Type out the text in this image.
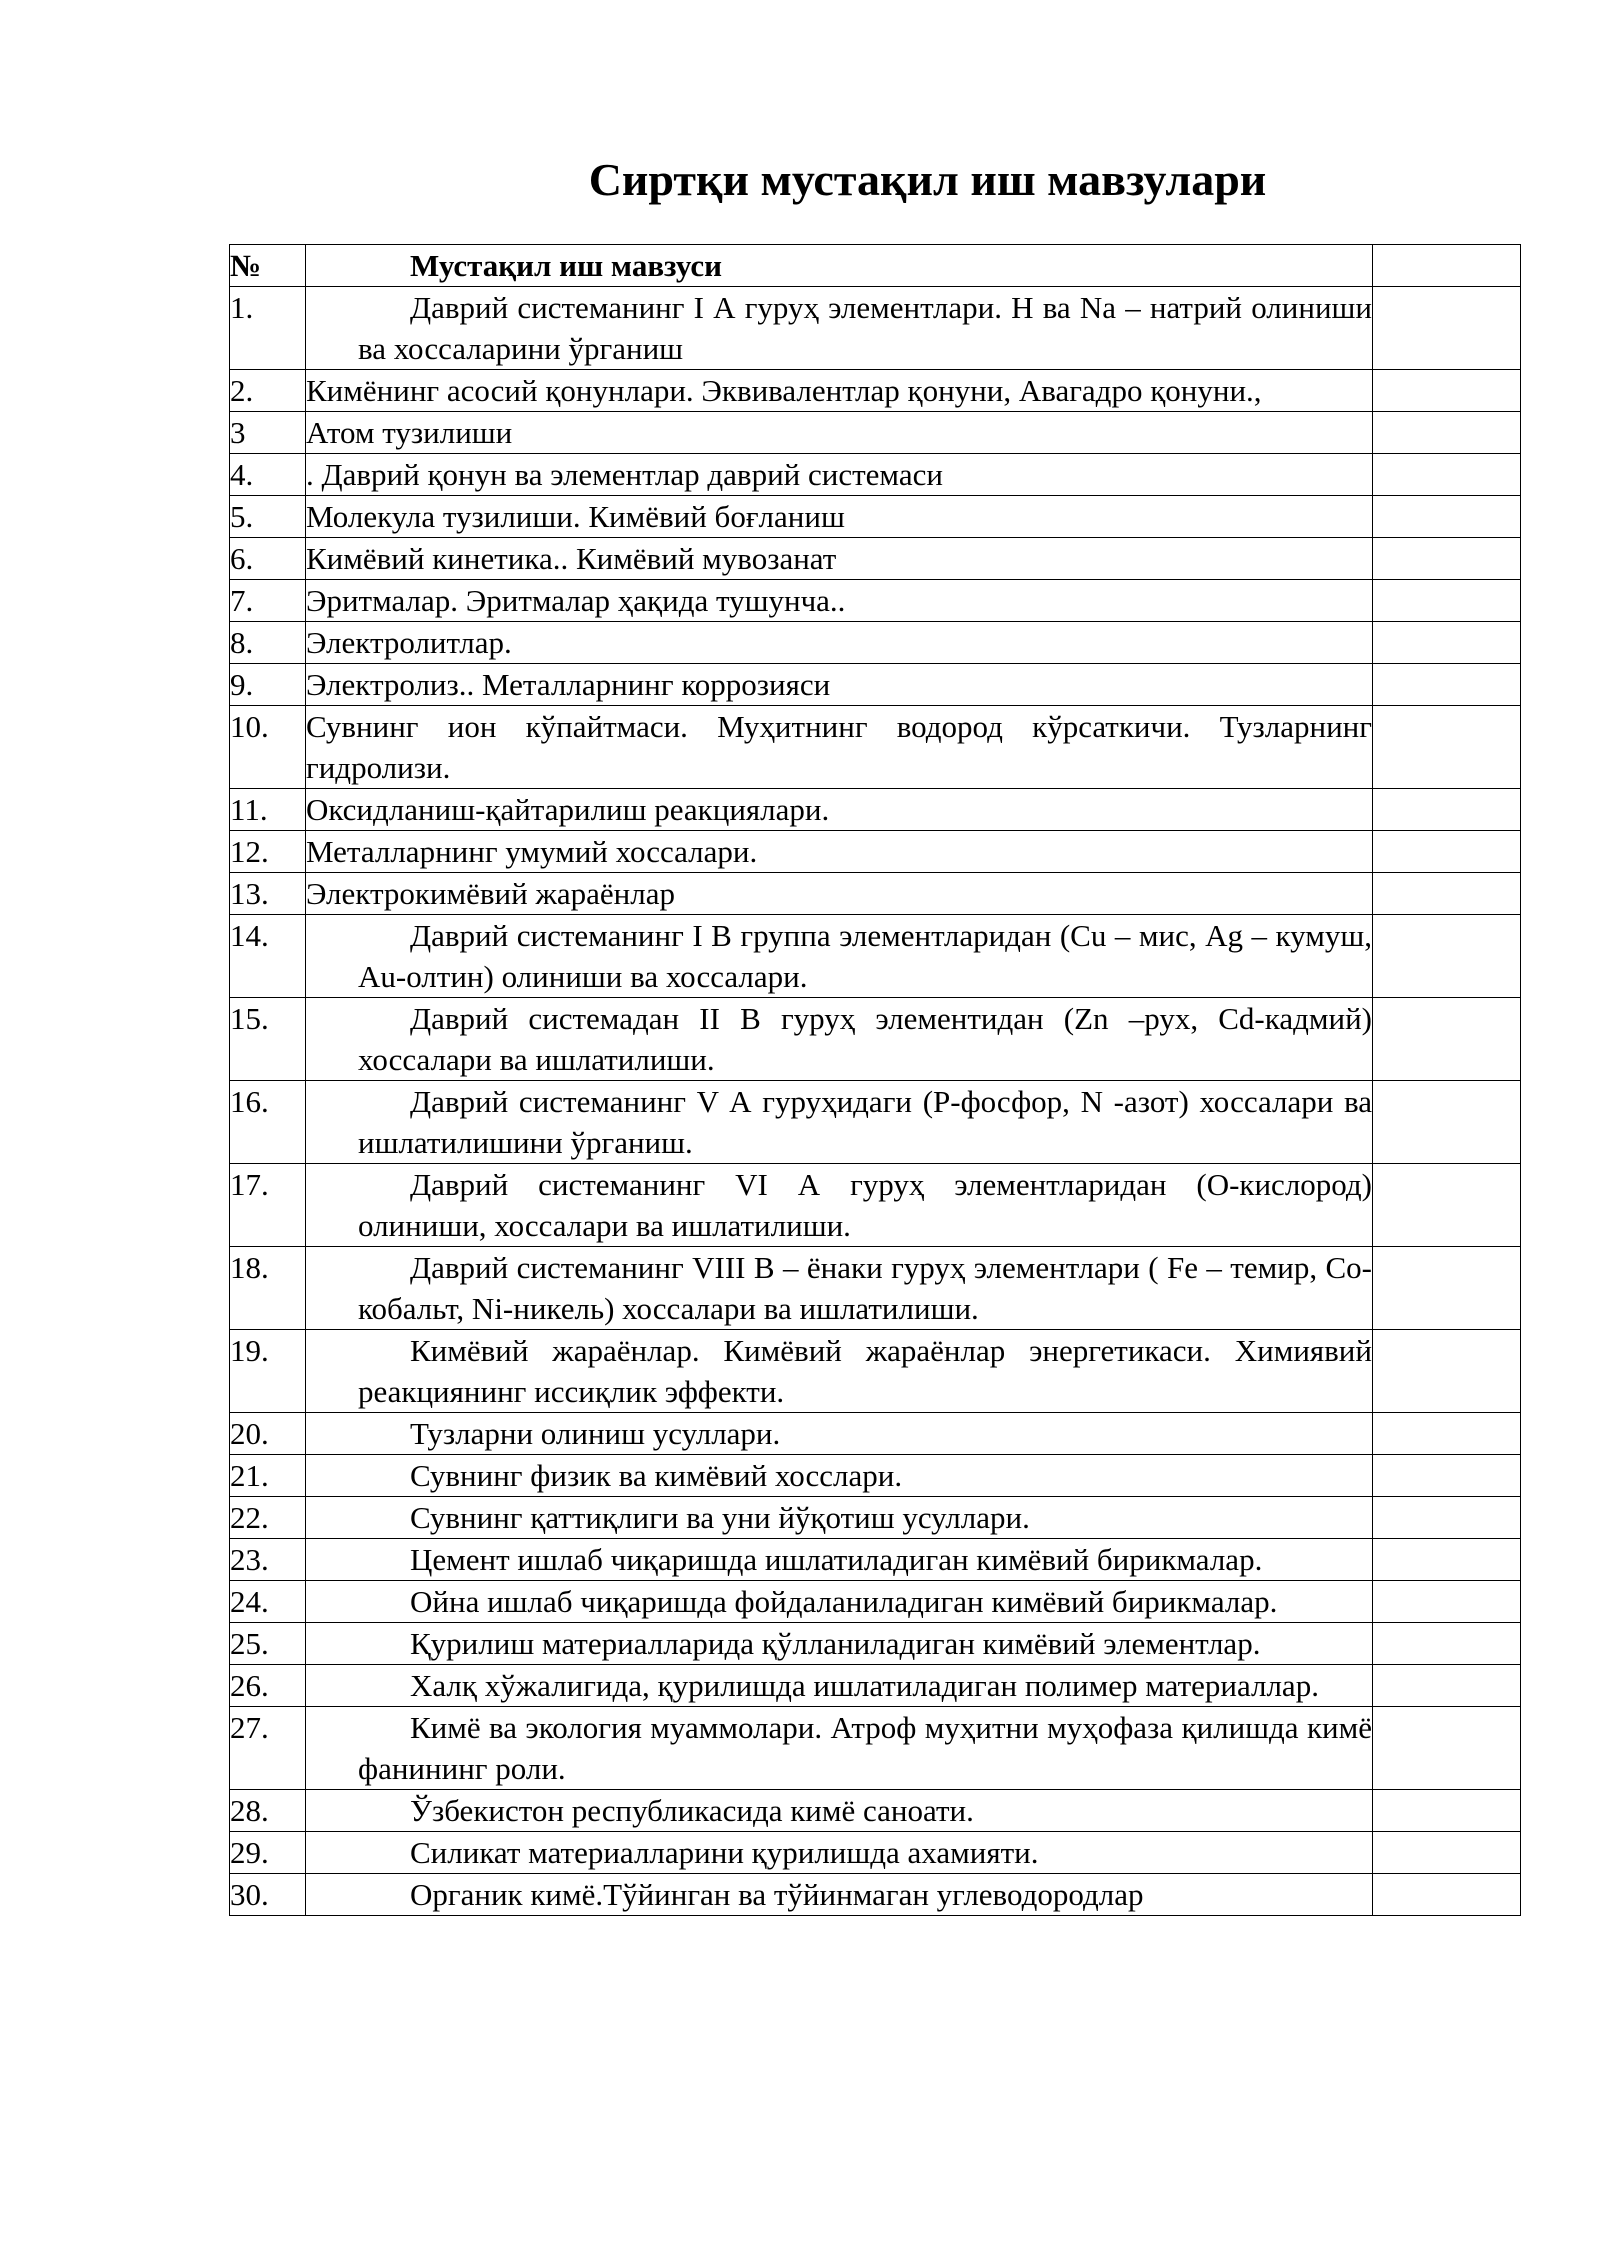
Сиртқи мустақил иш мавзулари
№	Мустақил иш мавзуси	
1.	Даврий системанинг I А гуруҳ элементлари. H ва Na – натрий олиниши ва хоссаларини ўрганиш	
2.	Кимёнинг асосий қонунлари. Эквивалентлар қонуни, Авагадро қонуни.,	
3	Атом тузилиши	
4.	. Даврий қонун ва элементлар даврий системаси	
5.	Молекула тузилиши. Кимёвий боғланиш	
6.	Кимёвий кинетика.. Кимёвий мувозанат	
7.	Эритмалар. Эритмалар ҳақида тушунча..	
8.	Электролитлар.	
9.	Электролиз.. Металларнинг коррозияси	
10.	Сувнинг ион кўпайтмаси. Муҳитнинг водород кўрсаткичи. Тузларнинг гидролизи.	
11.	Оксидланиш-қайтарилиш реакциялари.	
12.	Металларнинг умумий хоссалари.	
13.	Электрокимёвий жараёнлар	
14.	Даврий системанинг I В группа элементларидан (Cu – мис, Ag – кумуш, Au-олтин) олиниши ва хоссалари.	
15.	Даврий системадан II В гуруҳ элементидан (Zn –рух, Cd-кадмий) хоссалари ва ишлатилиши.	
16.	Даврий системанинг V А гуруҳидаги (Р-фосфор, N -азот) хоссалари ва ишлатилишини ўрганиш.	
17.	Даврий системанинг VI А гуруҳ элементларидан (О-кислород) олиниши, хоссалари ва ишлатилиши.	
18.	Даврий системанинг VIII В – ёнаки гуруҳ элементлари ( Fe – темир, Co-кобальт, Ni-никель) хоссалари ва ишлатилиши.	
19.	Кимёвий жараёнлар. Кимёвий жараёнлар энергетикаси. Химиявий реакциянинг иссиқлик эффекти.	
20.	Тузларни олиниш усуллари.	
21.	Сувнинг физик ва кимёвий хосслари.	
22.	Сувнинг қаттиқлиги ва уни йўқотиш усуллари.	
23.	Цемент ишлаб чиқаришда ишлатиладиган кимёвий бирикмалар.	
24.	Ойна ишлаб чиқаришда фойдаланиладиган кимёвий бирикмалар.	
25.	Қурилиш материалларида қўлланиладиган кимёвий элементлар.	
26.	Халқ хўжалигида, қурилишда ишлатиладиган полимер материаллар.	
27.	Кимё ва экология муаммолари. Атроф муҳитни муҳофаза қилишда кимё фанининг роли.	
28.	Ўзбекистон республикасида кимё саноати.	
29.	Силикат материалларини қурилишда ахамияти.	
30.	Органик кимё.Тўйинган ва тўйинмаган углеводородлар	
